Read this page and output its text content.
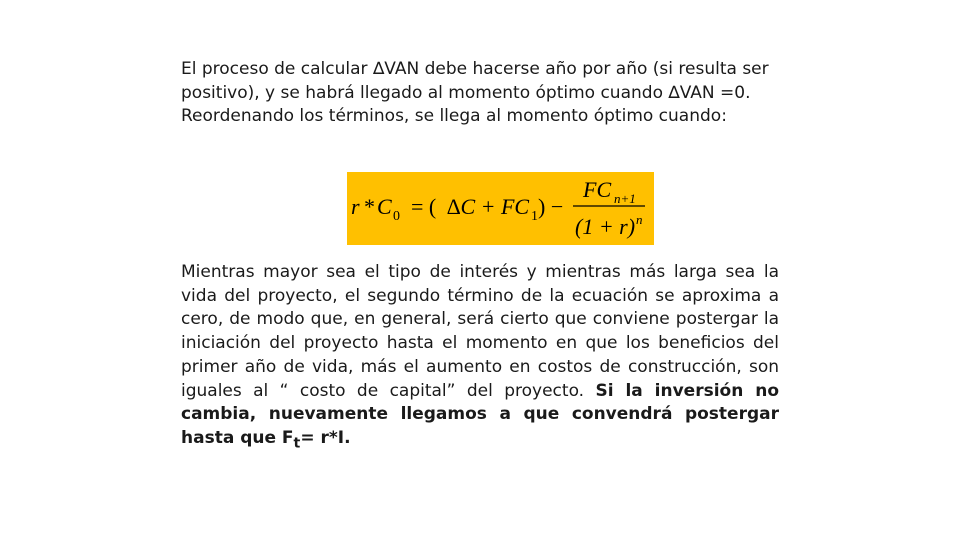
El proceso de calcular ∆VAN debe hacerse año por año (si resulta ser positivo), y se habrá llegado al momento óptimo cuando ∆VAN =0. Reordenando los términos, se llega al momento óptimo cuando:

r * C 0 = ( ∆C + FC 1 ) −
FC n+1
(1 + r) n

Mientras mayor sea el tipo de interés y mientras más larga sea la vida del proyecto, el segundo término de la ecuación se aproxima a cero, de modo que, en general, será cierto que conviene postergar la iniciación del proyecto hasta el momento en que los beneficios del primer año de vida, más el aumento en costos de construcción, son iguales al “ costo de capital” del proyecto. Si la inversión no cambia, nuevamente llegamos a que convendrá postergar hasta que $F_t= r*I$.
